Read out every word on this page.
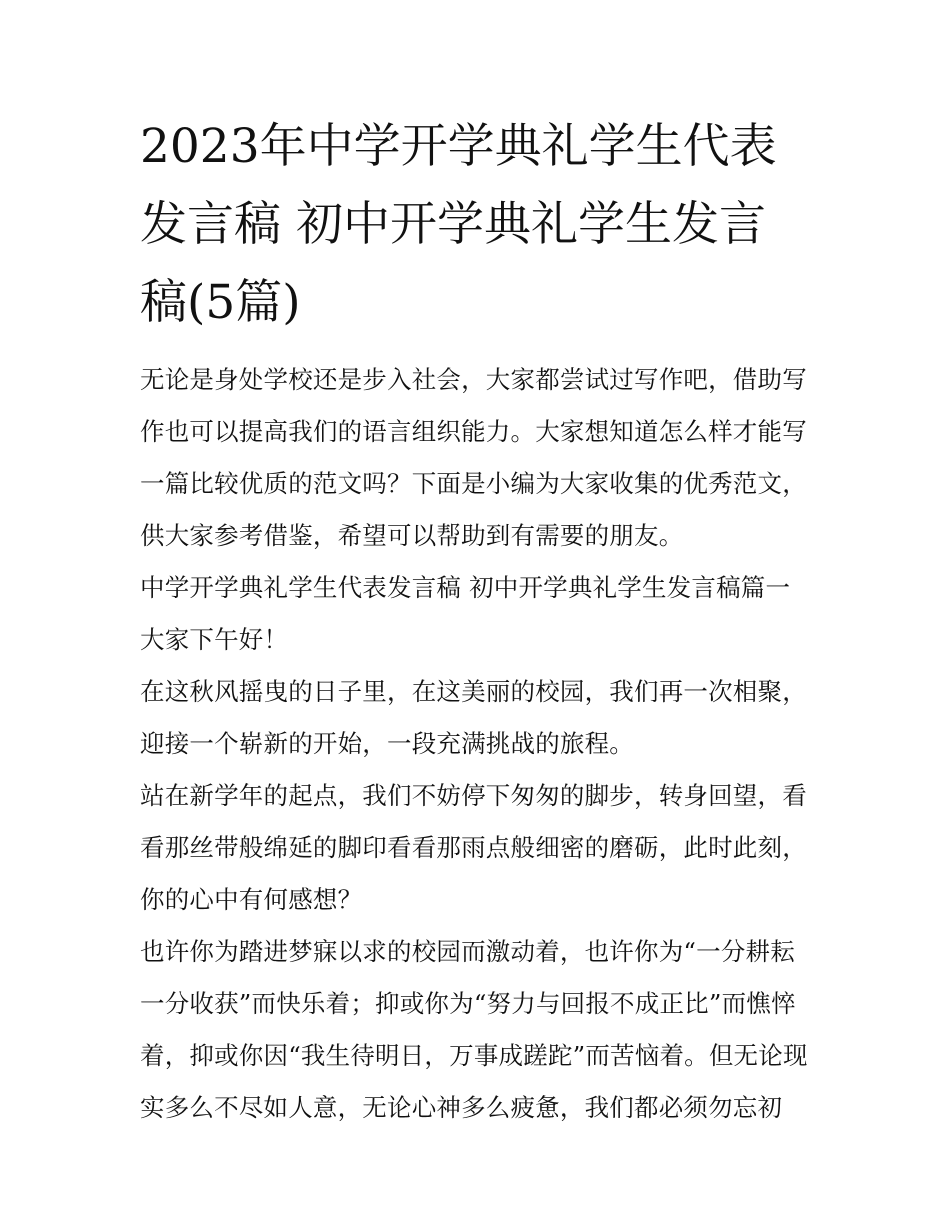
2023年中学开学典礼学生代表发言稿 初中开学典礼学生发言稿(5篇)

无论是身处学校还是步入社会，大家都尝试过写作吧，借助写作也可以提高我们的语言组织能力。大家想知道怎么样才能写一篇比较优质的范文吗？下面是小编为大家收集的优秀范文，供大家参考借鉴，希望可以帮助到有需要的朋友。

中学开学典礼学生代表发言稿 初中开学典礼学生发言稿篇一

大家下午好！

在这秋风摇曳的日子里，在这美丽的校园，我们再一次相聚，迎接一个崭新的开始，一段充满挑战的旅程。

站在新学年的起点，我们不妨停下匆匆的脚步，转身回望，看看那丝带般绵延的脚印看看那雨点般细密的磨砺，此时此刻，你的心中有何感想？

也许你为踏进梦寐以求的校园而激动着，也许你为“一分耕耘一分收获”而快乐着；抑或你为“努力与回报不成正比”而憔悴着，抑或你因“我生待明日，万事成蹉跎”而苦恼着。但无论现实多么不尽如人意，无论心神多么疲惫，我们都必须勿忘初
